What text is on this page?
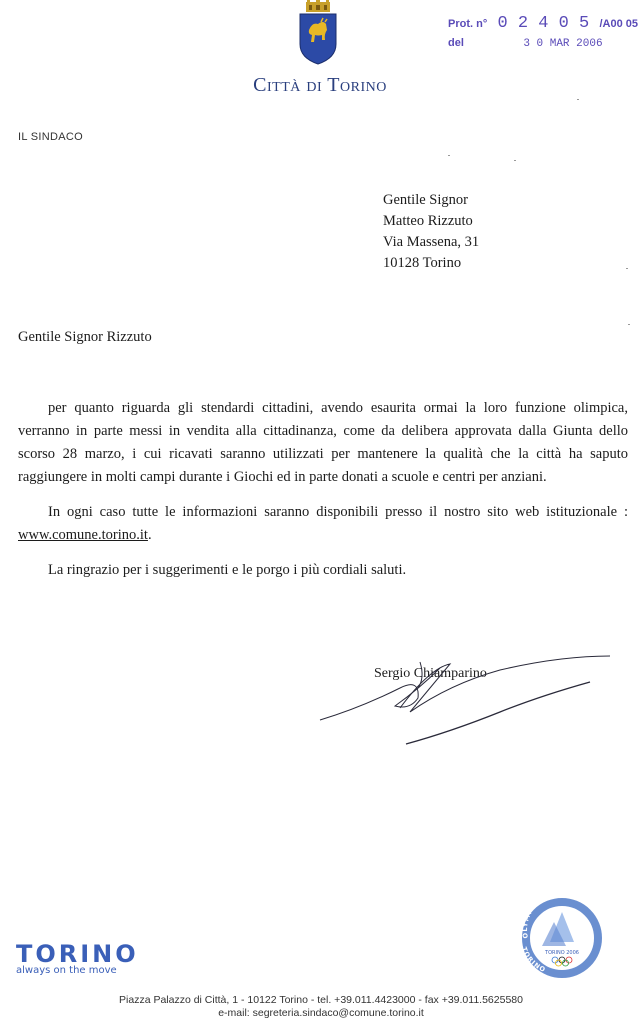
Città di Torino
Prot. n° 0 2 4 0 5 /A00 05
del	3 0 MAR 2006
IL SINDACO
Gentile Signor
Matteo Rizzuto
Via Massena, 31
10128 Torino
Gentile Signor Rizzuto

per quanto riguarda gli stendardi cittadini, avendo esaurita ormai la loro funzione olimpica, verranno in parte messi in vendita alla cittadinanza, come da delibera approvata dalla Giunta dello scorso 28 marzo, i cui ricavati saranno utilizzati per mantenere la qualità che la città ha saputo raggiungere in molti campi durante i Giochi ed in parte donati a scuole e centri per anziani.

In ogni caso tutte le informazioni saranno disponibili presso il nostro sito web istituzionale : www.comune.torino.it.

La ringrazio per i suggerimenti e le porgo i più cordiali saluti.

Sergio Chiamparino
TORINO
always on the move
OLYMPIC HOST CITY
TORINO
TORINO 2006
Piazza Palazzo di Città, 1 - 10122 Torino - tel. +39.011.4423000 - fax +39.011.5625580
e-mail: segreteria.sindaco@comune.torino.it
